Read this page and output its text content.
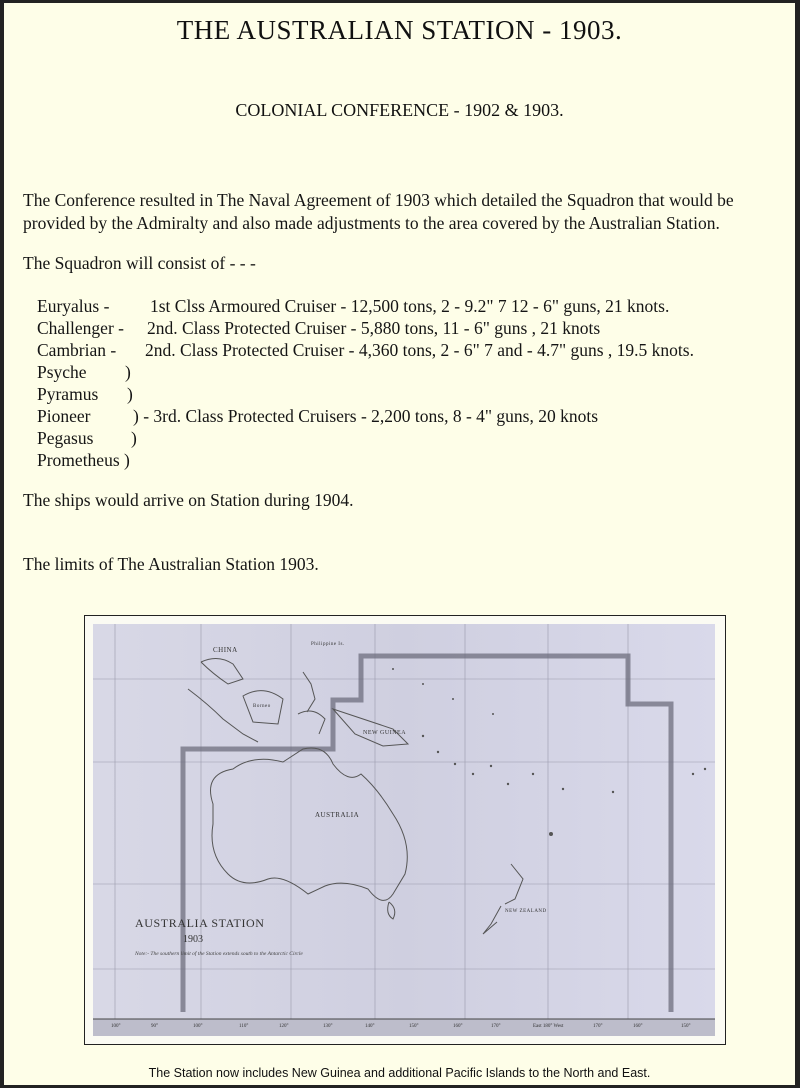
THE AUSTRALIAN STATION - 1903.
COLONIAL CONFERENCE - 1902 & 1903.
The Conference resulted in The Naval Agreement of 1903 which detailed the Squadron that would be
provided by the Admiralty and also made adjustments to the area covered by the Australian Station.
The Squadron will consist of - - -
Euryalus - 1st Clss Armoured Cruiser - 12,500 tons, 2 - 9.2" 7 12 - 6" guns, 21 knots.
Challenger - 2nd. Class Protected Cruiser - 5,880 tons, 11 - 6" guns , 21 knots
Cambrian - 2nd. Class Protected Cruiser - 4,360 tons, 2 - 6" 7 and - 4.7" guns , 19.5 knots.
Psyche )
Pyramus )
Pioneer ) - 3rd. Class Protected Cruisers - 2,200 tons, 8 - 4" guns, 20 knots
Pegasus )
Prometheus )
The ships would arrive on Station during 1904.
The limits of The Australian Station 1903.
CHINA
Philippine Is.
Borneo
NEW GUINEA
AUSTRALIA
NEW ZEALAND
AUSTRALIA STATION
1903
Note:- The southern limit of the Station extends south to the Antarctic Circle
100°	90°	100°	110°	120°	130°	140°	150°	160°	170°	East 180° West	170°	160°	150°
The Station now includes New Guinea and additional Pacific Islands to the North and East.
